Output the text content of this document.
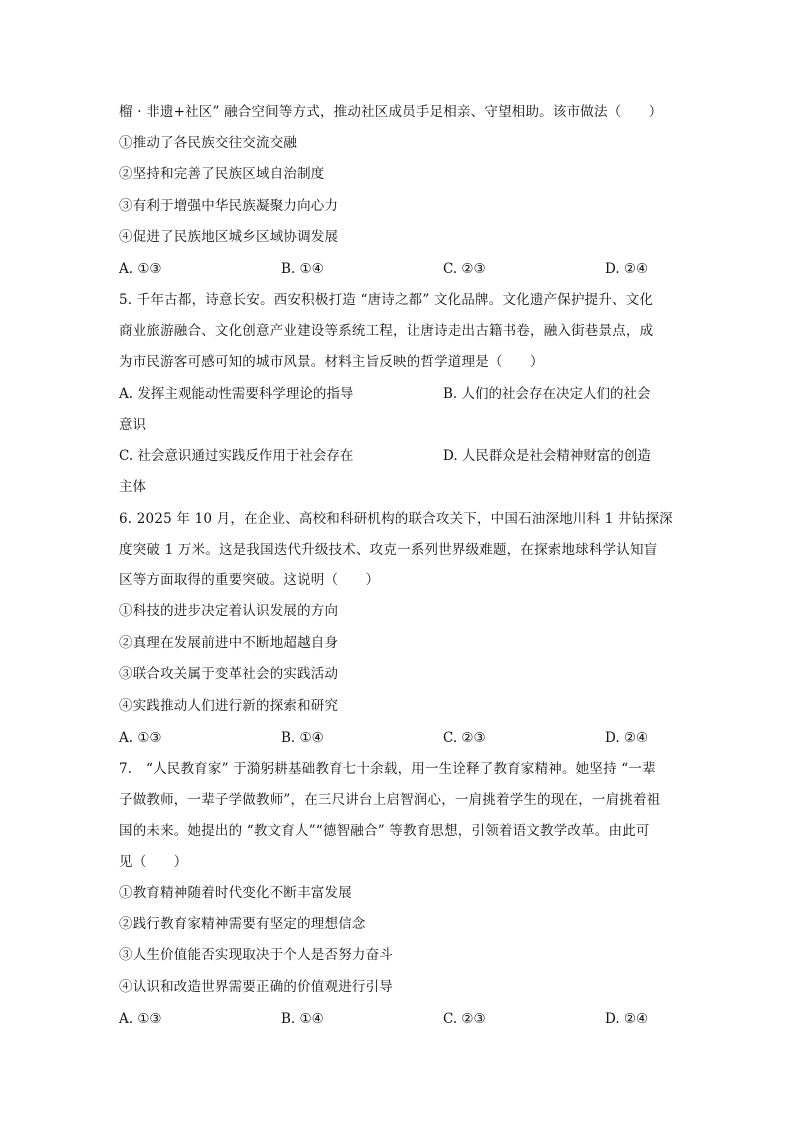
榴 · 非遗+社区” 融合空间等方式，推动社区成员手足相亲、守望相助。该市做法（　　）
①推动了各民族交往交流交融
②坚持和完善了民族区域自治制度
③有利于增强中华民族凝聚力向心力
④促进了民族地区城乡区域协调发展
A. ①③	B. ①④	C. ②③	D. ②④
5. 千年古都，诗意长安。西安积极打造 “唐诗之都” 文化品牌。文化遗产保护提升、文化
商业旅游融合、文化创意产业建设等系统工程，让唐诗走出古籍书卷，融入街巷景点，成
为市民游客可感可知的城市风景。材料主旨反映的哲学道理是（　　）
A. 发挥主观能动性需要科学理论的指导	B. 人们的社会存在决定人们的社会
意识
C. 社会意识通过实践反作用于社会存在	D. 人民群众是社会精神财富的创造
主体
6. 2025 年 10 月，在企业、高校和科研机构的联合攻关下，中国石油深地川科 1 井钻探深
度突破 1 万米。这是我国迭代升级技术、攻克一系列世界级难题，在探索地球科学认知盲
区等方面取得的重要突破。这说明（　　）
①科技的进步决定着认识发展的方向
②真理在发展前进中不断地超越自身
③联合攻关属于变革社会的实践活动
④实践推动人们进行新的探索和研究
A. ①③	B. ①④	C. ②③	D. ②④
7.　“人民教育家” 于漪躬耕基础教育七十余载，用一生诠释了教育家精神。她坚持 “一辈
子做教师，一辈子学做教师”，在三尺讲台上启智润心，一肩挑着学生的现在，一肩挑着祖
国的未来。她提出的 “教文育人”“德智融合” 等教育思想，引领着语文教学改革。由此可
见（　　）
①教育精神随着时代变化不断丰富发展
②践行教育家精神需要有坚定的理想信念
③人生价值能否实现取决于个人是否努力奋斗
④认识和改造世界需要正确的价值观进行引导
A. ①③	B. ①④	C. ②③	D. ②④
